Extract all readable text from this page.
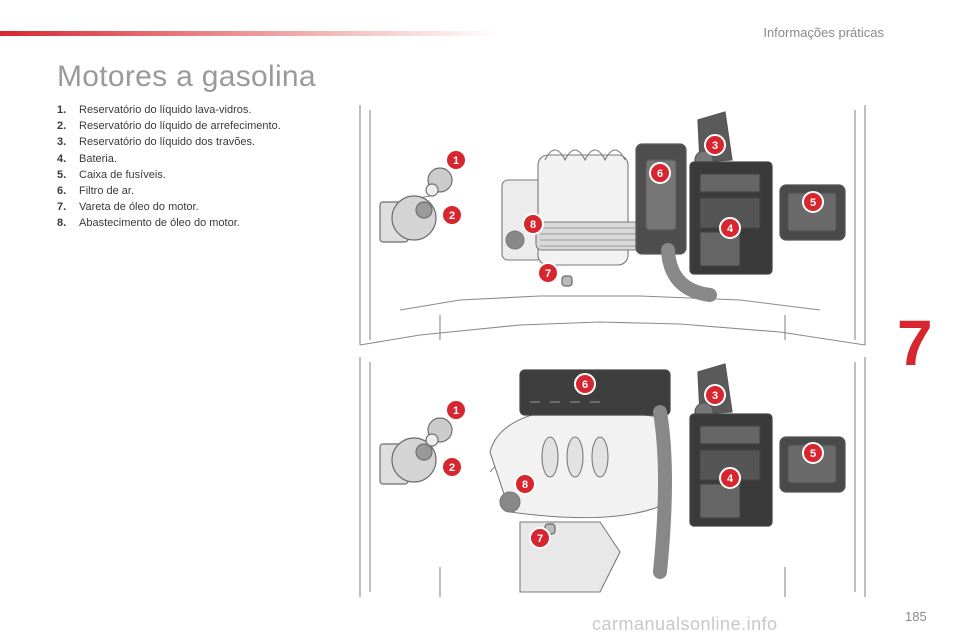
Informações práticas
Motores a gasolina
1. Reservatório do líquido lava-vidros.
2. Reservatório do líquido de arrefecimento.
3. Reservatório do líquido dos travões.
4. Bateria.
5. Caixa de fusíveis.
6. Filtro de ar.
7. Vareta de óleo do motor.
8. Abastecimento de óleo do motor.
1
2
3
4
5
6
7
8
1
2
3
4
5
6
7
8
7
185
carmanualsonline.info
